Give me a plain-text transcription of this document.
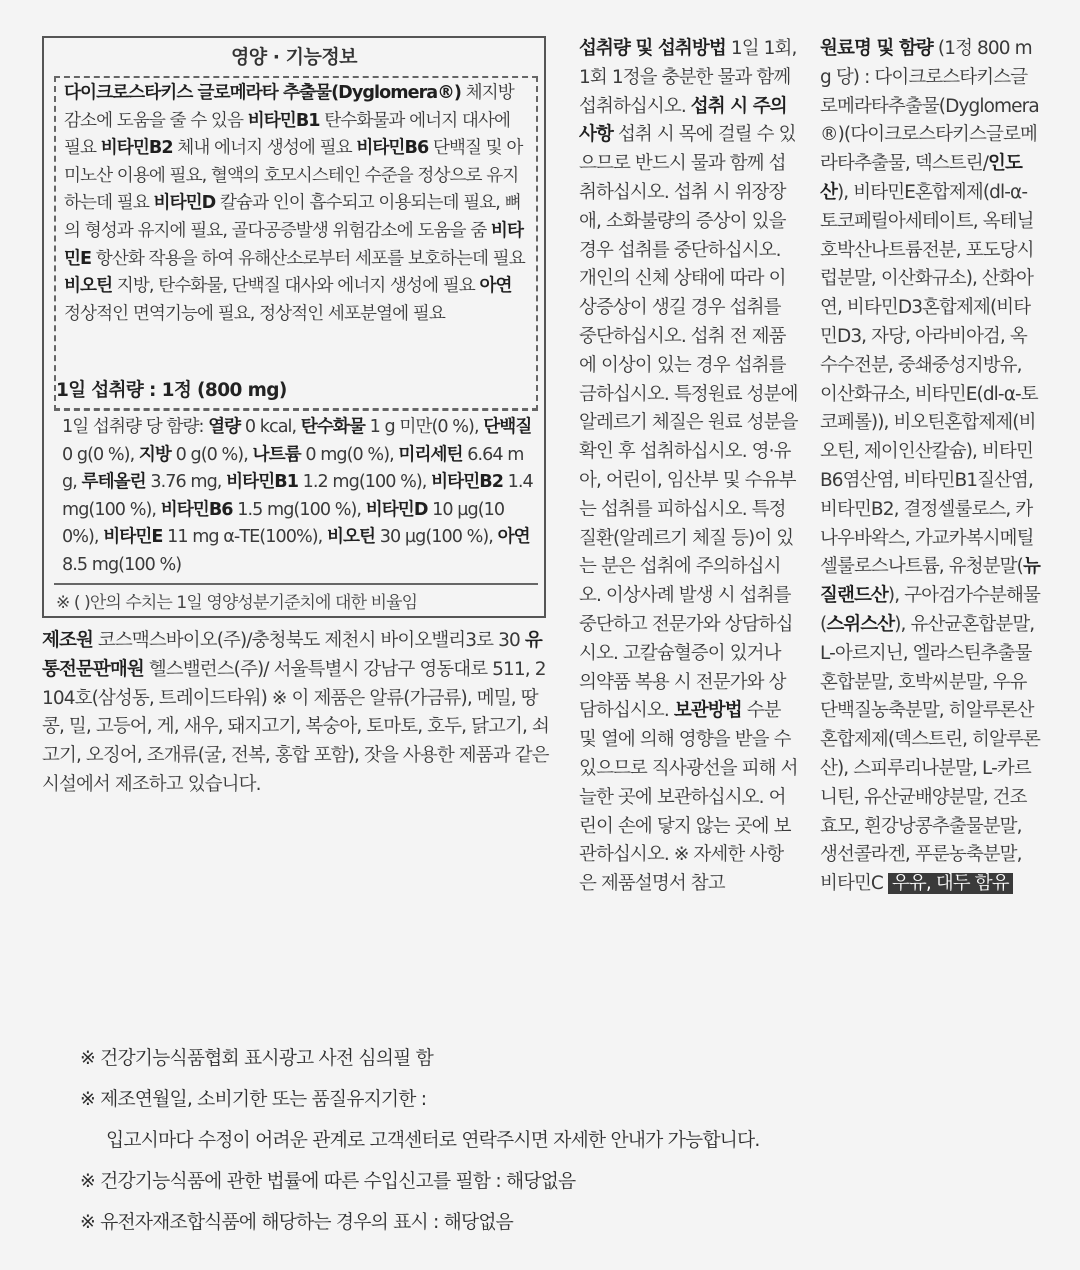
영양 · 기능정보
다이크로스타키스 글로메라타 추출물(Dyglomera®) 체지방 감소에 도움을 줄 수 있음 비타민B1 탄수화물과 에너지 대사에 필요 비타민B2 체내 에너지 생성에 필요 비타민B6 단백질 및 아미노산 이용에 필요, 혈액의 호모시스테인 수준을 정상으로 유지하는데 필요 비타민D 칼슘과 인이 흡수되고 이용되는데 필요, 뼈의 형성과 유지에 필요, 골다공증발생 위험감소에 도움을 줌 비타민E 항산화 작용을 하여 유해산소로부터 세포를 보호하는데 필요 비오틴 지방, 탄수화물, 단백질 대사와 에너지 생성에 필요 아연 정상적인 면역기능에 필요, 정상적인 세포분열에 필요
1일 섭취량 : 1정 (800 mg)
1일 섭취량 당 함량: 열량 0 kcal, 탄수화물 1 g 미만(0 %), 단백질 0 g(0 %), 지방 0 g(0 %), 나트륨 0 mg(0 %), 미리세틴 6.64 mg, 루테올린 3.76 mg, 비타민B1 1.2 mg(100 %), 비타민B2 1.4 mg(100 %), 비타민B6 1.5 mg(100 %), 비타민D 10 µg(100%), 비타민E 11 mg α-TE(100%), 비오틴 30 µg(100 %), 아연 8.5 mg(100 %)
※ ( )안의 수치는 1일 영양성분기준치에 대한 비율임
제조원 코스맥스바이오(주)/충청북도 제천시 바이오밸리3로 30 유통전문판매원 헬스밸런스(주)/ 서울특별시 강남구 영동대로 511, 2104호(삼성동, 트레이드타워) ※ 이 제품은 알류(가금류), 메밀, 땅콩, 밀, 고등어, 게, 새우, 돼지고기, 복숭아, 토마토, 호두, 닭고기, 쇠고기, 오징어, 조개류(굴, 전복, 홍합 포함), 잣을 사용한 제품과 같은 시설에서 제조하고 있습니다.
섭취량 및 섭취방법 1일 1회, 1회 1정을 충분한 물과 함께 섭취하십시오. 섭취 시 주의사항 섭취 시 목에 걸릴 수 있으므로 반드시 물과 함께 섭취하십시오. 섭취 시 위장장애, 소화불량의 증상이 있을 경우 섭취를 중단하십시오. 개인의 신체 상태에 따라 이상증상이 생길 경우 섭취를 중단하십시오. 섭취 전 제품에 이상이 있는 경우 섭취를 금하십시오. 특정원료 성분에 알레르기 체질은 원료 성분을 확인 후 섭취하십시오. 영·유아, 어린이, 임산부 및 수유부는 섭취를 피하십시오. 특정질환(알레르기 체질 등)이 있는 분은 섭취에 주의하십시오. 이상사례 발생 시 섭취를 중단하고 전문가와 상담하십시오. 고칼슘혈증이 있거나 의약품 복용 시 전문가와 상담하십시오. 보관방법 수분 및 열에 의해 영향을 받을 수 있으므로 직사광선을 피해 서늘한 곳에 보관하십시오. 어린이 손에 닿지 않는 곳에 보관하십시오. ※ 자세한 사항은 제품설명서 참고
원료명 및 함량 (1정 800 mg 당) : 다이크로스타키스글로메라타추출물(Dyglomera®)(다이크로스타키스글로메라타추출물, 덱스트린/인도산), 비타민E혼합제제(dl-α-토코페릴아세테이트, 옥테닐호박산나트륨전분, 포도당시럽분말, 이산화규소), 산화아연, 비타민D3혼합제제(비타민D3, 자당, 아라비아검, 옥수수전분, 중쇄중성지방유, 이산화규소, 비타민E(dl-α-토코페롤)), 비오틴혼합제제(비오틴, 제이인산칼슘), 비타민B6염산염, 비타민B1질산염, 비타민B2, 결정셀룰로스, 카나우바왁스, 가교카복시메틸셀룰로스나트륨, 유청분말(뉴질랜드산), 구아검가수분해물(스위스산), 유산균혼합분말, L-아르지닌, 엘라스틴추출물혼합분말, 호박씨분말, 우유단백질농축분말, 히알루론산혼합제제(덱스트린, 히알루론산), 스피루리나분말, L-카르니틴, 유산균배양분말, 건조효모, 흰강낭콩추출물분말, 생선콜라겐, 푸룬농축분말, 비타민C 우유, 대두 함유
※ 건강기능식품협회 표시광고 사전 심의필 함
※ 제조연월일, 소비기한 또는 품질유지기한 :
입고시마다 수정이 어려운 관계로 고객센터로 연락주시면 자세한 안내가 가능합니다.
※ 건강기능식품에 관한 법률에 따른 수입신고를 필함 : 해당없음
※ 유전자재조합식품에 해당하는 경우의 표시 : 해당없음
